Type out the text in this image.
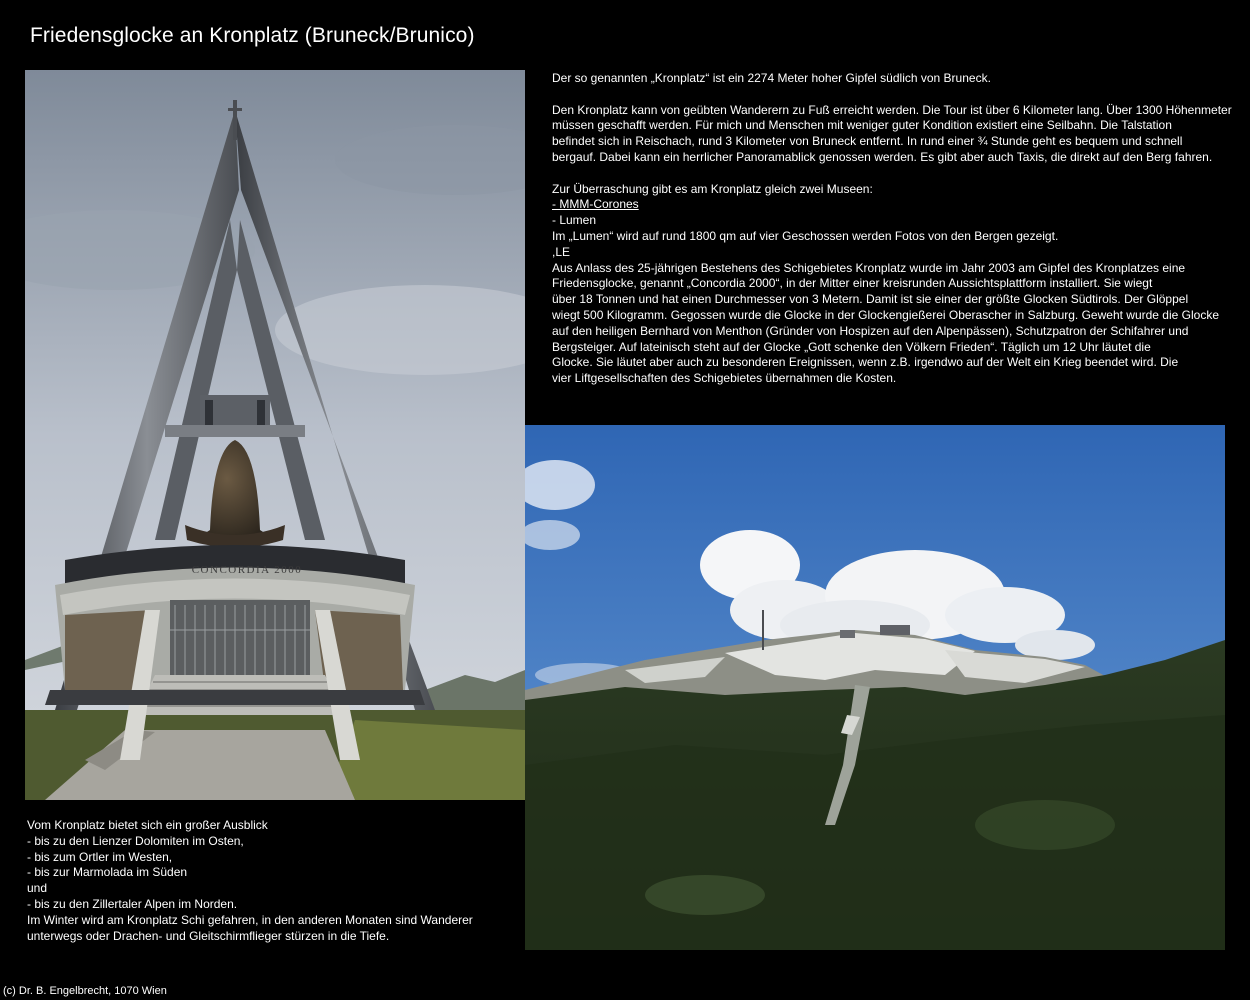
Friedensglocke an Kronplatz (Bruneck/Brunico)
CONCORDIA 2000

Der so genannten „Kronplatz“ ist ein 2274 Meter hoher Gipfel südlich von Bruneck.

Den Kronplatz kann von geübten Wanderern zu Fuß erreicht werden. Die Tour ist über 6 Kilometer lang. Über 1300 Höhenmeter

müssen geschafft werden. Für mich und Menschen mit weniger guter Kondition existiert eine Seilbahn. Die Talstation

befindet sich in Reischach, rund 3 Kilometer von Bruneck entfernt. In rund einer ¾ Stunde geht es bequem und schnell

bergauf. Dabei kann ein herrlicher Panoramablick genossen werden. Es gibt aber auch Taxis, die direkt auf den Berg fahren.

Zur Überraschung gibt es am Kronplatz gleich zwei Museen:

- MMM-Corones

- Lumen

Im „Lumen“ wird auf rund 1800 qm auf vier Geschossen werden Fotos von den Bergen gezeigt.

,LE

Aus Anlass des 25-jährigen Bestehens des Schigebietes Kronplatz wurde im Jahr 2003 am Gipfel des Kronplatzes eine

Friedensglocke, genannt „Concordia 2000“, in der Mitter einer kreisrunden Aussichtsplattform installiert. Sie wiegt

über 18 Tonnen und hat einen Durchmesser von 3 Metern. Damit ist sie einer der größte Glocken Südtirols. Der Glöppel

wiegt 500 Kilogramm. Gegossen wurde die Glocke in der Glockengießerei Oberascher in Salzburg. Geweht wurde die Glocke

auf den heiligen Bernhard von Menthon (Gründer von Hospizen auf den Alpenpässen), Schutzpatron der Schifahrer und

Bergsteiger. Auf lateinisch steht auf der Glocke „Gott schenke den Völkern Frieden“. Täglich um 12 Uhr läutet die

Glocke. Sie läutet aber auch zu besonderen Ereignissen, wenn z.B. irgendwo auf der Welt ein Krieg beendet wird. Die

vier Liftgesellschaften des Schigebietes übernahmen die Kosten.

Vom Kronplatz bietet sich ein großer Ausblick

- bis zu den Lienzer Dolomiten im Osten,

- bis zum Ortler im Westen,

- bis zur Marmolada im Süden

und

- bis zu den Zillertaler Alpen im Norden.

Im Winter wird am Kronplatz Schi gefahren, in den anderen Monaten sind Wanderer

unterwegs oder Drachen- und Gleitschirmflieger stürzen in die Tiefe.

(c) Dr. B. Engelbrecht, 1070 Wien
